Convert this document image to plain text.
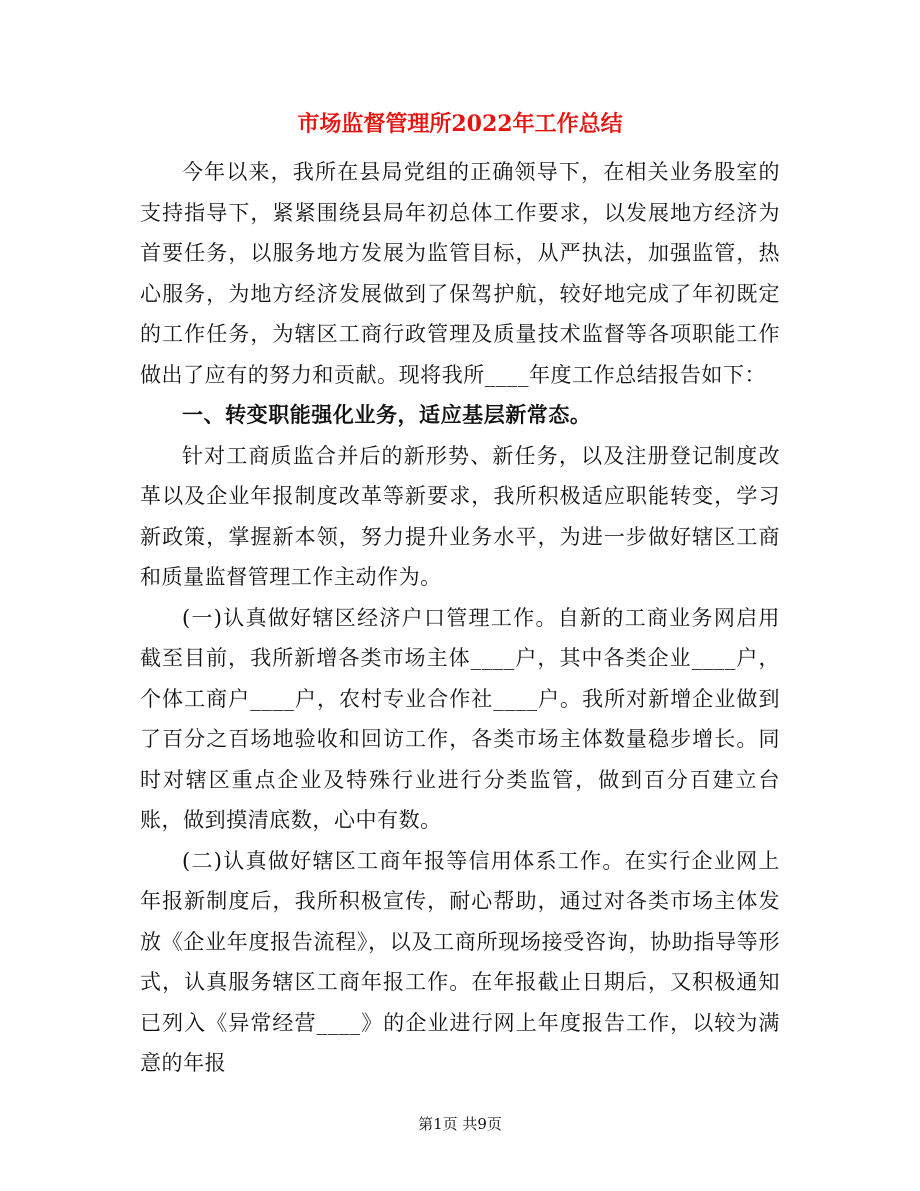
市场监督管理所2022年工作总结

今年以来，我所在县局党组的正确领导下，在相关业务股室的支持指导下，紧紧围绕县局年初总体工作要求，以发展地方经济为首要任务，以服务地方发展为监管目标，从严执法，加强监管，热心服务，为地方经济发展做到了保驾护航，较好地完成了年初既定的工作任务，为辖区工商行政管理及质量技术监督等各项职能工作做出了应有的努力和贡献。现将我所____年度工作总结报告如下：

一、转变职能强化业务，适应基层新常态。

针对工商质监合并后的新形势、新任务，以及注册登记制度改革以及企业年报制度改革等新要求，我所积极适应职能转变，学习新政策，掌握新本领，努力提升业务水平，为进一步做好辖区工商和质量监督管理工作主动作为。

(一)认真做好辖区经济户口管理工作。自新的工商业务网启用截至目前，我所新增各类市场主体____户，其中各类企业____户，个体工商户____户，农村专业合作社____户。我所对新增企业做到了百分之百场地验收和回访工作，各类市场主体数量稳步增长。同时对辖区重点企业及特殊行业进行分类监管，做到百分百建立台账，做到摸清底数，心中有数。

(二)认真做好辖区工商年报等信用体系工作。在实行企业网上年报新制度后，我所积极宣传，耐心帮助，通过对各类市场主体发放《企业年度报告流程》，以及工商所现场接受咨询，协助指导等形式，认真服务辖区工商年报工作。在年报截止日期后，又积极通知已列入《异常经营____》的企业进行网上年度报告工作，以较为满意的年报

第1页 共9页
